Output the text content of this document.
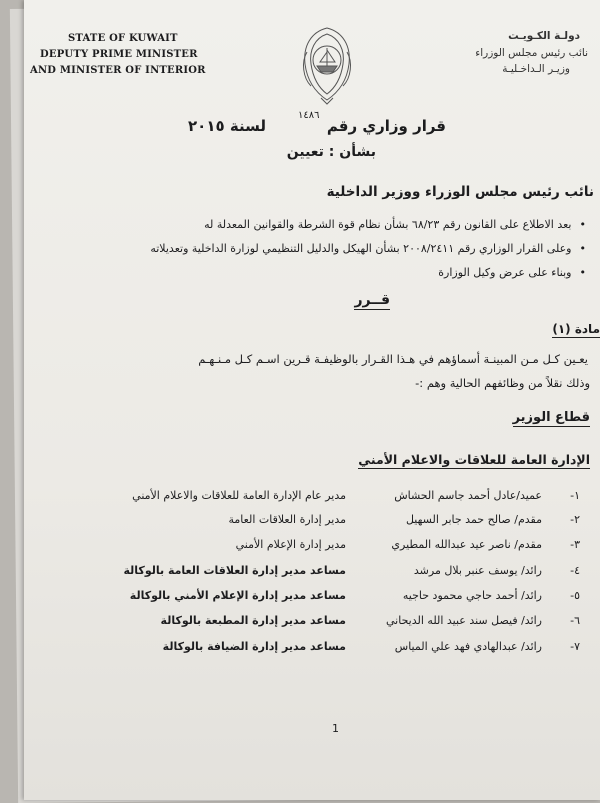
STATE OF KUWAIT
DEPUTY PRIME MINISTER
AND MINISTER OF INTERIOR
دولـة الكـويـت
نائب رئيس مجلس الوزراء
وزيـر الـداخـليـة
قرار وزاري رقم
١٤٨٦
لسنة ٢٠١٥
بشأن : تعيين
نائب رئيس مجلس الوزراء ووزير الداخلية
• بعد الاطلاع على القانون رقم ٦٨/٢٣ بشأن نظام قوة الشرطة والقوانين المعدلة له
• وعلى القرار الوزاري رقم ٢٠٠٨/٢٤١١ بشأن الهيكل والدليل التنظيمي لوزارة الداخلية وتعديلاته
• وبناء على عرض وكيل الوزارة
قــرر
مادة (١)
يعـين كـل مـن المبينـة أسماؤهم في هـذا القـرار بالوظيفـة قـرين اسـم كـل مـنـهـم
وذلك نقلاً من وظائفهم الحالية وهم :-
قطاع الوزير
الإدارة العامة للعلاقات والاعلام الأمني
١-
عميد/عادل أحمد جاسم الحشاش
مدير عام الإدارة العامة للعلاقات والاعلام الأمني
٢-
مقدم/ صالح حمد جابر السهيل
مدير إدارة العلاقات العامة
٣-
مقدم/ ناصر عيد عبدالله المطيري
مدير إدارة الإعلام الأمني
٤-
رائد/ يوسف عنبر بلال مرشد
مساعد مدير إدارة العلاقات العامة بالوكالة
٥-
رائد/ أحمد حاجي محمود حاجيه
مساعد مدير إدارة الإعلام الأمني بالوكالة
٦-
رائد/ فيصل سند عبيد الله الديحاني
مساعد مدير إدارة المطبعة بالوكالة
٧-
رائد/ عبدالهادي فهد علي المياس
مساعد مدير إدارة الضيافة بالوكالة
1
